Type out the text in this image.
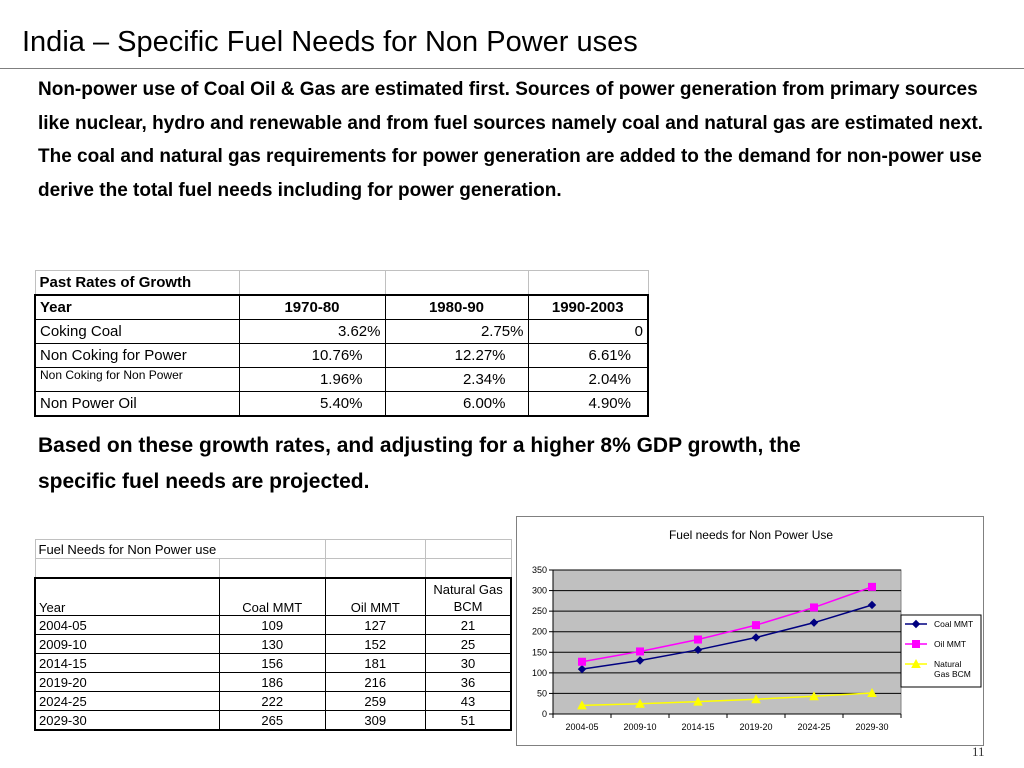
India – Specific Fuel Needs for Non Power uses

Non-power use of Coal Oil & Gas are estimated first. Sources of power generation from primary sources like nuclear, hydro and renewable and from fuel sources namely coal and natural gas are estimated next. The coal and natural gas requirements for power generation are added to the demand for non-power use derive the total fuel needs including for power generation.

Past Rates of Growth			
Year	1970-80	1980-90	1990-2003
Coking Coal	3.62%	2.75%	0
Non Coking for Power	10.76%	12.27%	6.61%
Non Coking for Non Power	1.96%	2.34%	2.04%
Non Power Oil	5.40%	6.00%	4.90%

Based on these growth rates, and adjusting for a higher 8% GDP growth, the specific fuel needs are projected.

Fuel Needs for Non Power use			

Year	Coal MMT	Oil MMT	Natural Gas BCM
2004-05	109	127	21
2009-10	130	152	25
2014-15	156	181	30
2019-20	186	216	36
2024-25	222	259	43
2029-30	265	309	51
Fuel needs for Non Power Use
0
50
100
150
200
250
300
350
2004-05	2009-10	2014-15	2019-20	2024-25	2029-30
Coal MMT
Oil MMT
Natural
Gas BCM
11
